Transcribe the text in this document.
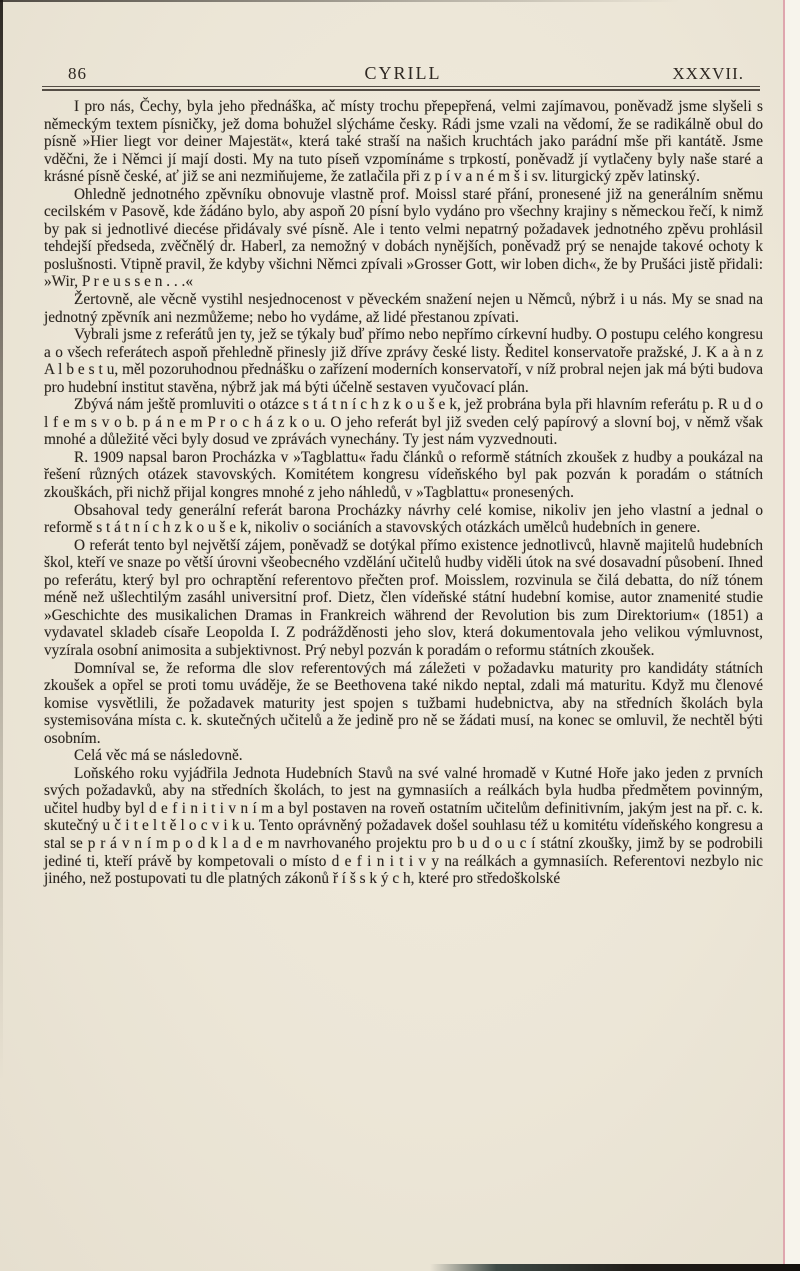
86	CYRILL	XXXVII.

I pro nás, Čechy, byla jeho přednáška, ač místy trochu přepepřená, velmi zajímavou, poněvadž jsme slyšeli s německým textem písničky, jež doma bohužel slýcháme česky. Rádi jsme vzali na vědomí, že se radikálně obul do písně »Hier liegt vor deiner Majestät«, která také straší na našich kruchtách jako parádní mše při kantátě. Jsme vděčni, že i Němci jí mají dosti. My na tuto píseň vzpomínáme s trpkostí, poněvadž jí vytlačeny byly naše staré a krásné písně české, ať již se ani nezmiňujeme, že zatlačila při z p í v a n é m š i sv. liturgický zpěv latinský.

Ohledně jednotného zpěvníku obnovuje vlastně prof. Moissl staré přání, pronesené již na generálním sněmu cecilském v Pasově, kde žádáno bylo, aby aspoň 20 písní bylo vydáno pro všechny krajiny s německou řečí, k nimž by pak si jednotlivé diecése přidávaly své písně. Ale i tento velmi nepatrný požadavek jednotného zpěvu prohlásil tehdejší předseda, zvěčnělý dr. Haberl, za nemožný v dobách nynějších, poněvadž prý se nenajde takové ochoty k poslušnosti. Vtipně pravil, že kdyby všichni Němci zpívali »Grosser Gott, wir loben dich«, že by Prušáci jistě přidali: »Wir, P r e u s s e n . . .«

Žertovně, ale věcně vystihl nesjednocenost v pěveckém snažení nejen u Němců, nýbrž i u nás. My se snad na jednotný zpěvník ani nezmůžeme; nebo ho vydáme, až lidé přestanou zpívati.

Vybrali jsme z referátů jen ty, jež se týkaly buď přímo nebo nepřímo církevní hudby. O postupu celého kongresu a o všech referátech aspoň přehledně přinesly již dříve zprávy české listy. Ředitel konservatoře pražské, J. K a à n z A l b e s t u, měl pozoruhodnou přednášku o zařízení moderních konservatoří, v níž probral nejen jak má býti budova pro hudební institut stavěna, nýbrž jak má býti účelně sestaven vyučovací plán.

Zbývá nám ještě promluviti o otázce s t á t n í c h z k o u š e k, jež probrána byla při hlavním referátu p. R u d o l f e m s v o b. p á n e m P r o c h á z k o u. O jeho referát byl již sveden celý papírový a slovní boj, v němž však mnohé a důležité věci byly dosud ve zprávách vynechány. Ty jest nám vyzvednouti.

R. 1909 napsal baron Procházka v »Tagblattu« řadu článků o reformě státních zkoušek z hudby a poukázal na řešení různých otázek stavovských. Komitétem kongresu vídeňského byl pak pozván k poradám o státních zkouškách, při nichž přijal kongres mnohé z jeho náhledů, v »Tagblattu« pronesených.

Obsahoval tedy generální referát barona Procházky návrhy celé komise, nikoliv jen jeho vlastní a jednal o reformě s t á t n í c h z k o u š e k, nikoliv o sociáních a stavovských otázkách umělců hudebních in genere.

O referát tento byl největší zájem, poněvadž se dotýkal přímo existence jednotlivců, hlavně majitelů hudebních škol, kteří ve snaze po větší úrovni všeobecného vzdělání učitelů hudby viděli útok na své dosavadní působení. Ihned po referátu, který byl pro ochraptění referentovo přečten prof. Moisslem, rozvinula se čilá debatta, do níž tónem méně než ušlechtilým zasáhl universitní prof. Dietz, člen vídeňské státní hudební komise, autor znamenité studie »Geschichte des musikalichen Dramas in Frankreich während der Revolution bis zum Direktorium« (1851) a vydavatel skladeb císaře Leopolda I. Z podrážděnosti jeho slov, která dokumentovala jeho velikou výmluvnost, vyzírala osobní animosita a subjektivnost. Prý nebyl pozván k poradám o reformu státních zkoušek.

Domníval se, že reforma dle slov referentových má záležeti v požadavku maturity pro kandidáty státních zkoušek a opřel se proti tomu uváděje, že se Beethovena také nikdo neptal, zdali má maturitu. Když mu členové komise vysvětlili, že požadavek maturity jest spojen s tužbami hudebnictva, aby na středních školách byla systemisována místa c. k. skutečných učitelů a že jedině pro ně se žádati musí, na konec se omluvil, že nechtěl býti osobním.

Celá věc má se následovně.

Loňského roku vyjádřila Jednota Hudebních Stavů na své valné hromadě v Kutné Hoře jako jeden z prvních svých požadavků, aby na středních školách, to jest na gymnasiích a reálkách byla hudba předmětem povinným, učitel hudby byl d e f i n i t i v n í m a byl postaven na roveň ostatním učitelům definitivním, jakým jest na př. c. k. skutečný u č i t e l t ě l o c v i k u. Tento oprávněný požadavek došel souhlasu též u komitétu vídeňského kongresu a stal se p r á v n í m p o d k l a d e m navrhovaného projektu pro b u d o u c í státní zkoušky, jimž by se podrobili jediné ti, kteří právě by kompetovali o místo d e f i n i t i v y na reálkách a gymnasiích. Referentovi nezbylo nic jiného, než postupovati tu dle platných zákonů ř í š s k ý c h, které pro středoškolské
